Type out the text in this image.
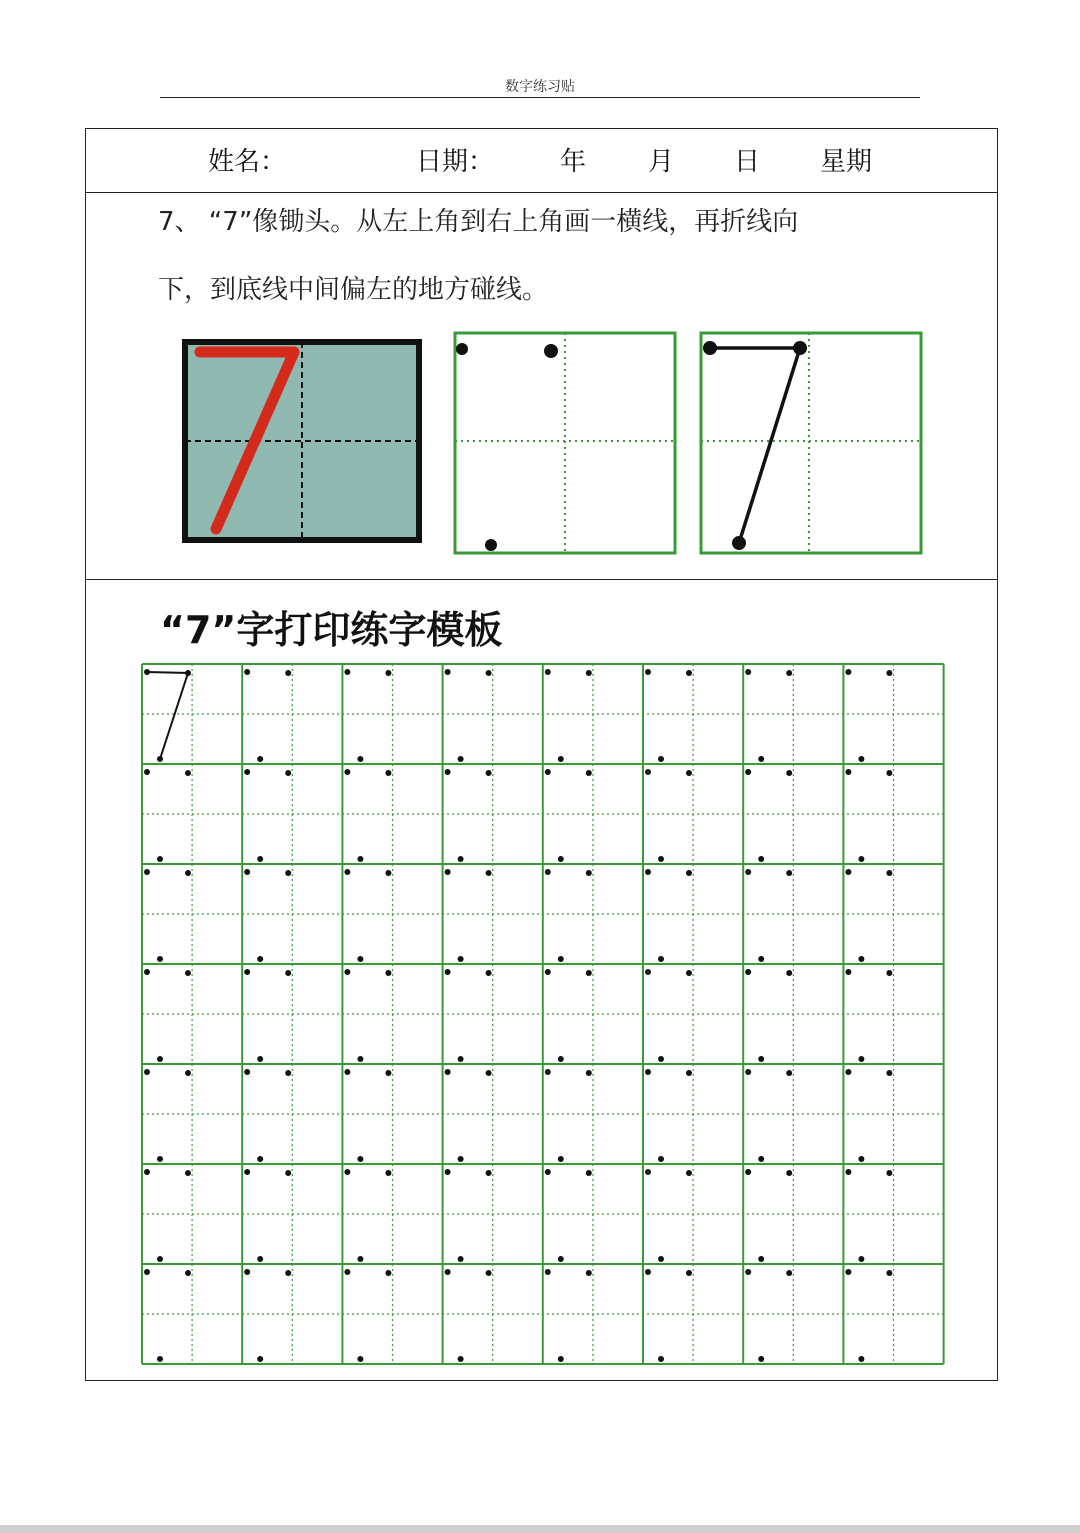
数字练习贴
姓名：	日期：	年 月 日 星期
7、 “7”像锄头。从左上角到右上角画一横线，再折线向
下，到底线中间偏左的地方碰线。
“7”字打印练字模板
